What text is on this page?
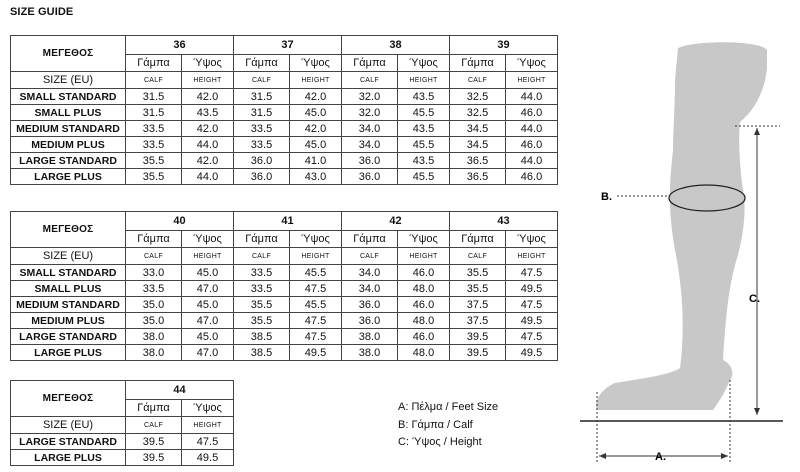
SIZE GUIDE
ΜΕΓΕΘΟΣ	36		37		38		39	
	Γάμπα	Ύψος	Γάμπα	Ύψος	Γάμπα	Ύψος	Γάμπα	Ύψος
SIZE (EU)	CALF	HEIGHT	CALF	HEIGHT	CALF	HEIGHT	CALF	HEIGHT
SMALL STANDARD	31.5	42.0	31.5	42.0	32.0	43.5	32.5	44.0
SMALL PLUS	31.5	43.5	31.5	45.0	32.0	45.5	32.5	46.0
MEDIUM STANDARD	33.5	42.0	33.5	42.0	34.0	43.5	34.5	44.0
MEDIUM PLUS	33.5	44.0	33.5	45.0	34.0	45.5	34.5	46.0
LARGE STANDARD	35.5	42.0	36.0	41.0	36.0	43.5	36.5	44.0
LARGE PLUS	35.5	44.0	36.0	43.0	36.0	45.5	36.5	46.0
ΜΕΓΕΘΟΣ	40		41		42		43	
	Γάμπα	Ύψος	Γάμπα	Ύψος	Γάμπα	Ύψος	Γάμπα	Ύψος
SIZE (EU)	CALF	HEIGHT	CALF	HEIGHT	CALF	HEIGHT	CALF	HEIGHT
SMALL STANDARD	33.0	45.0	33.5	45.5	34.0	46.0	35.5	47.5
SMALL PLUS	33.5	47.0	33.5	47.5	34.0	48.0	35.5	49.5
MEDIUM STANDARD	35.0	45.0	35.5	45.5	36.0	46.0	37.5	47.5
MEDIUM PLUS	35.0	47.0	35.5	47.5	36.0	48.0	37.5	49.5
LARGE STANDARD	38.0	45.0	38.5	47.5	38.0	46.0	39.5	47.5
LARGE PLUS	38.0	47.0	38.5	49.5	38.0	48.0	39.5	49.5
ΜΕΓΕΘΟΣ	44	
	Γάμπα	Ύψος
SIZE (EU)	CALF	HEIGHT
LARGE STANDARD	39.5	47.5
LARGE PLUS	39.5	49.5
A: Πέλμα / Feet Size
B: Γάμπα / Calf
C: Ύψος / Height
C.
B.
A.
